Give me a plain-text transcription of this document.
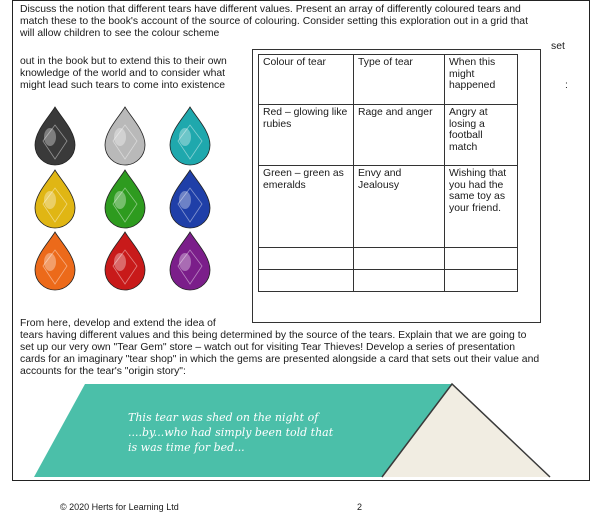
Discuss the notion that different tears have different values. Present an array of differently coloured tears and
match these to the book's account of the source of colouring. Consider setting this exploration out in a grid that
will allow children to see the colour scheme
set
out in the book but to extend this to their own
knowledge of the world and to consider what
:
might lead such tears to come into existence
Colour of tear	Type of tear	When this might happened
Red – glowing like rubies	Rage and anger	Angry at losing a football match
Green – green as emeralds	Envy and Jealousy	Wishing that you had the same toy as your friend.

From here, develop and extend the idea of
tears having different values and this being determined by the source of the tears. Explain that we are going to
set up our very own "Tear Gem" store – watch out for visiting Tear Thieves! Develop a series of presentation
cards for an imaginary "tear shop" in which the gems are presented alongside a card that sets out their value and
accounts for the tear's "origin story":
This tear was shed on the night of
....by...who had simply been told that
is was time for bed...
© 2020 Herts for Learning Ltd	2
